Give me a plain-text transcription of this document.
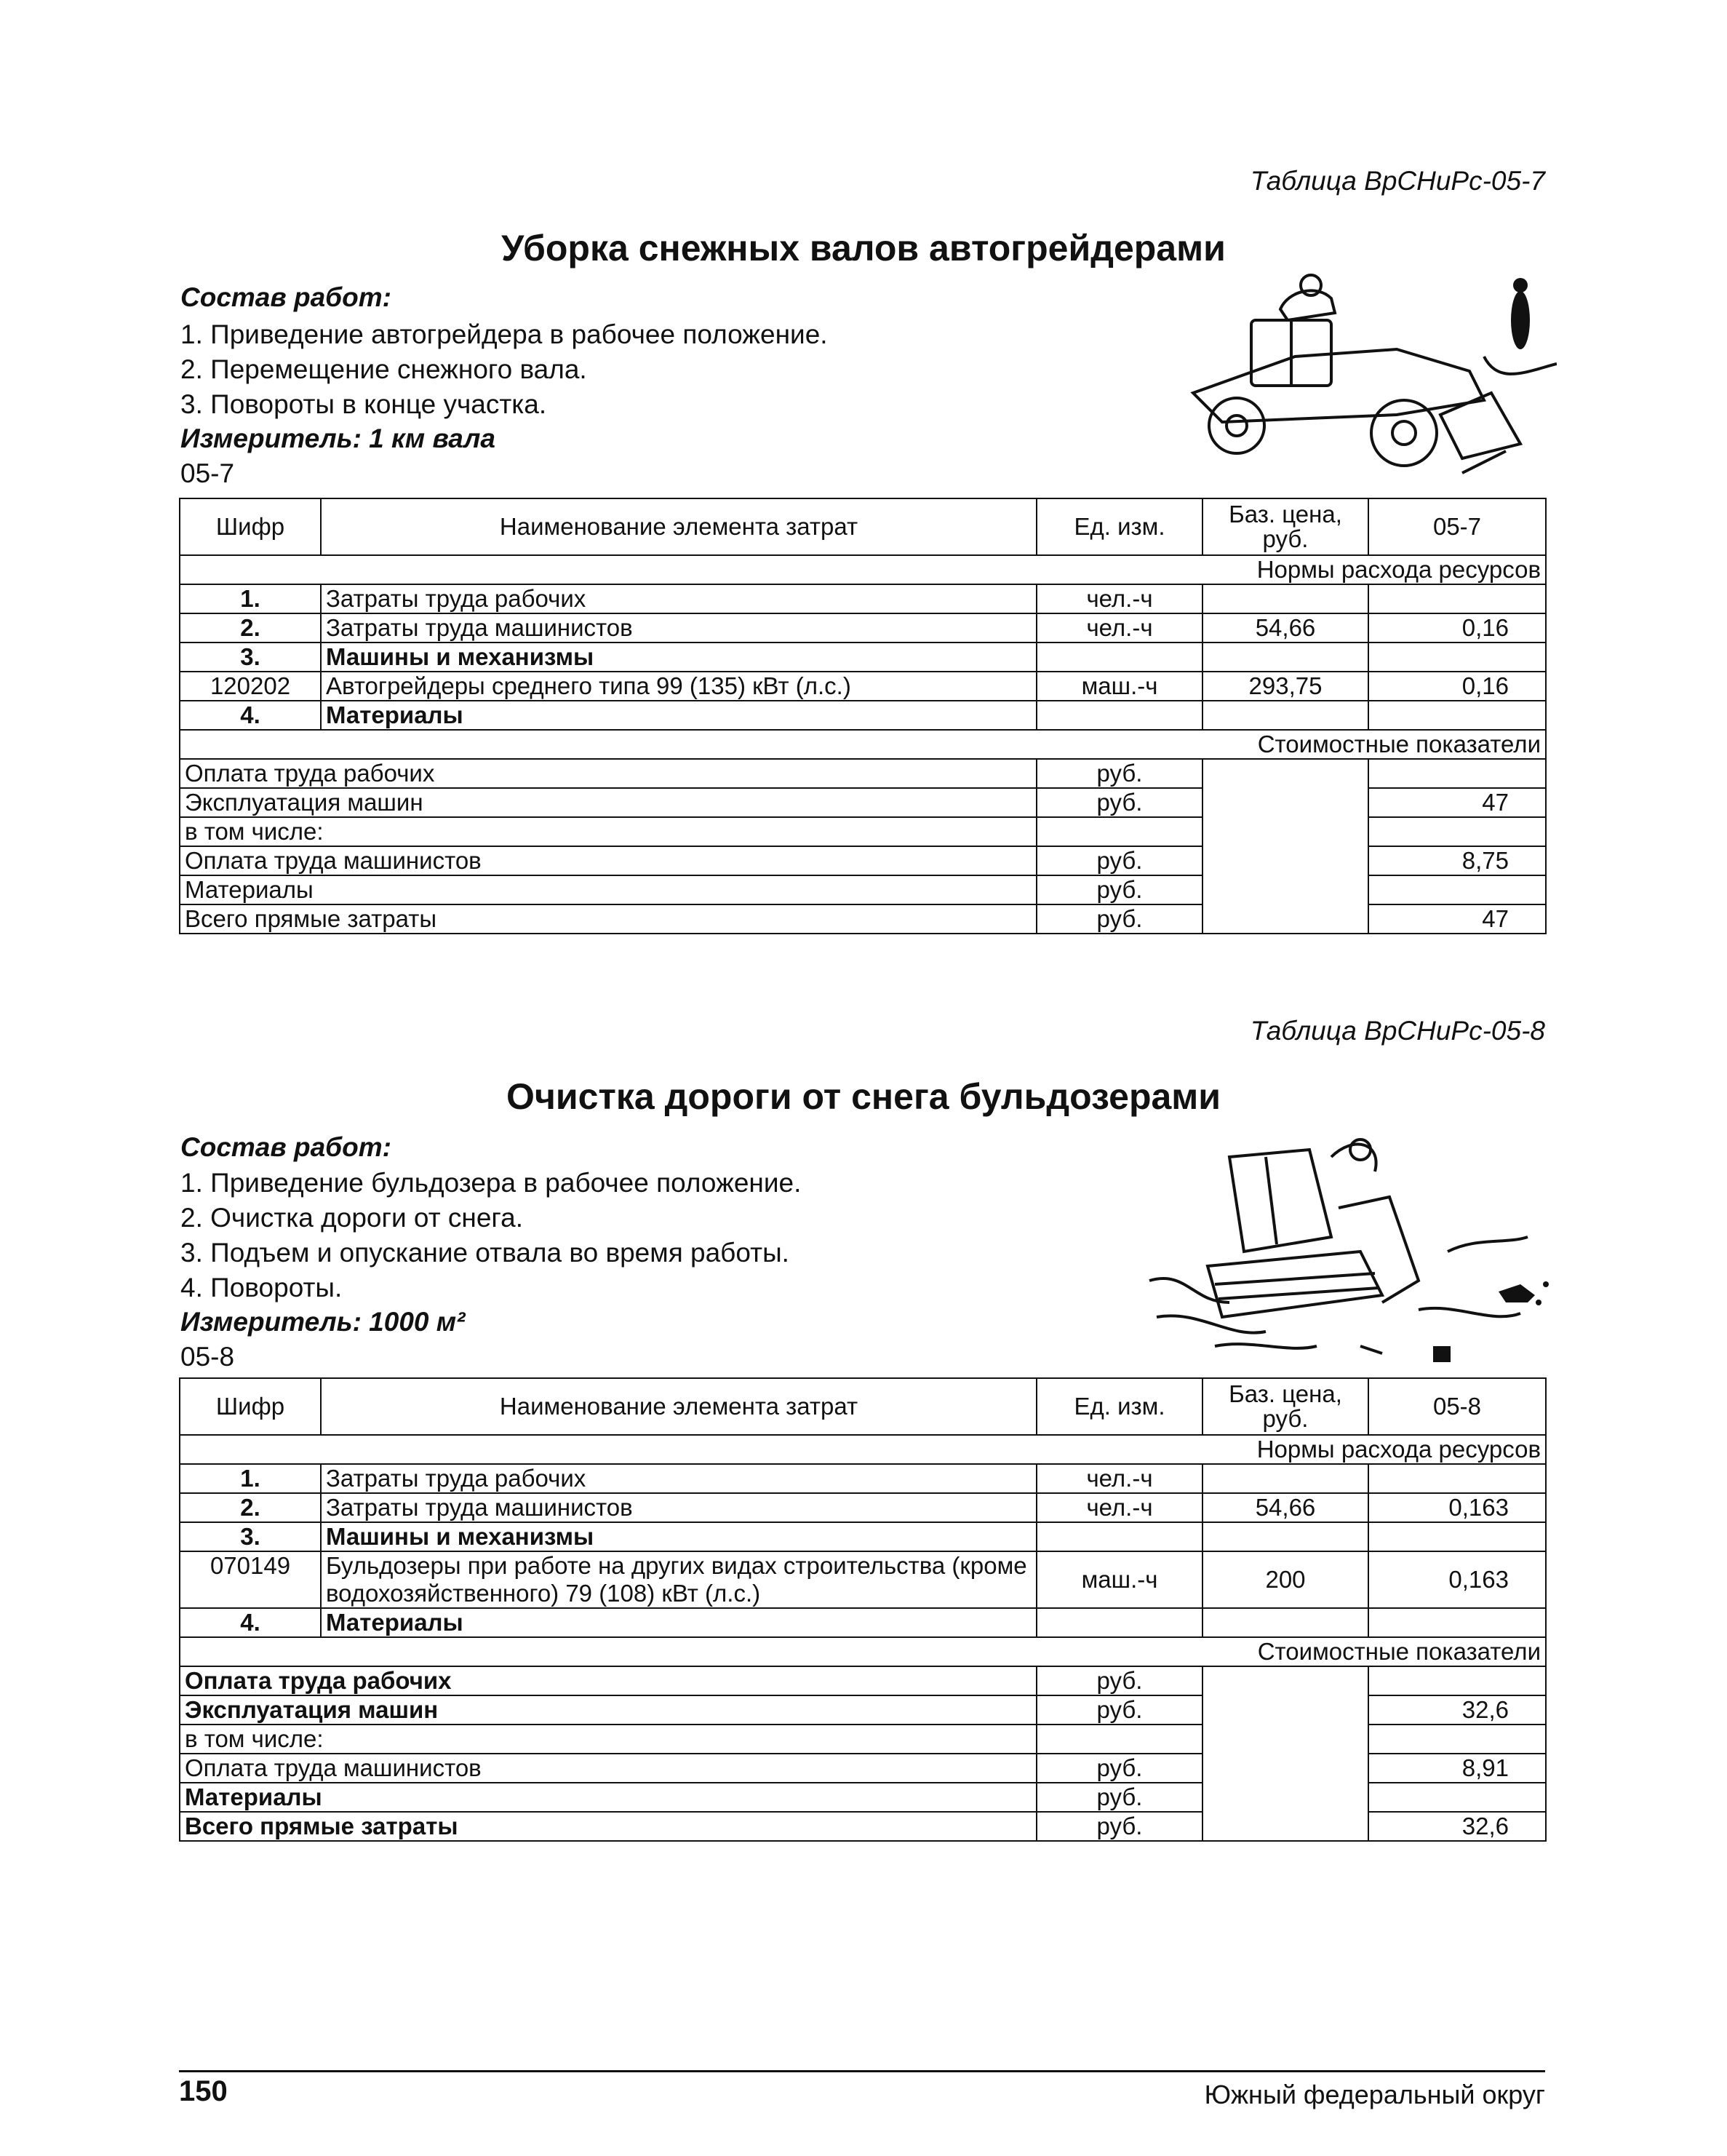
Таблица ВрСНиРс-05-7
Уборка снежных валов автогрейдерами
Состав работ:
1. Приведение автогрейдера в рабочее положение.
2. Перемещение снежного вала.
3. Повороты в конце участка.
Измеритель: 1 км вала
05-7
Шифр	Наименование элемента затрат	Ед. изм.	Баз. цена, руб.	05-7
Нормы расхода ресурсов				
1.	Затраты труда рабочих	чел.-ч		
2.	Затраты труда машинистов	чел.-ч	54,66	0,16
3.	Машины и механизмы			
120202	Автогрейдеры среднего типа 99 (135) кВт (л.с.)	маш.-ч	293,75	0,16
4.	Материалы			
Стоимостные показатели				
Оплата труда рабочих		руб.		
Эксплуатация машин		руб.		47
в том числе:				
Оплата труда машинистов		руб.		8,75
Материалы		руб.		
Всего прямые затраты		руб.		47
Таблица ВрСНиРс-05-8
Очистка дороги от снега бульдозерами
Состав работ:
1. Приведение бульдозера в рабочее положение.
2. Очистка дороги от снега.
3. Подъем и опускание отвала во время работы.
4. Повороты.
Измеритель: 1000 м²
05-8
Шифр	Наименование элемента затрат	Ед. изм.	Баз. цена, руб.	05-8
Нормы расхода ресурсов				
1.	Затраты труда рабочих	чел.-ч		
2.	Затраты труда машинистов	чел.-ч	54,66	0,163
3.	Машины и механизмы			
070149	Бульдозеры при работе на других видах строительства (кроме водохозяйственного) 79 (108) кВт (л.с.)	маш.-ч	200	0,163
4.	Материалы			
Стоимостные показатели				
Оплата труда рабочих		руб.		
Эксплуатация машин		руб.		32,6
в том числе:				
Оплата труда машинистов		руб.		8,91
Материалы		руб.		
Всего прямые затраты		руб.		32,6
150	Южный федеральный округ
